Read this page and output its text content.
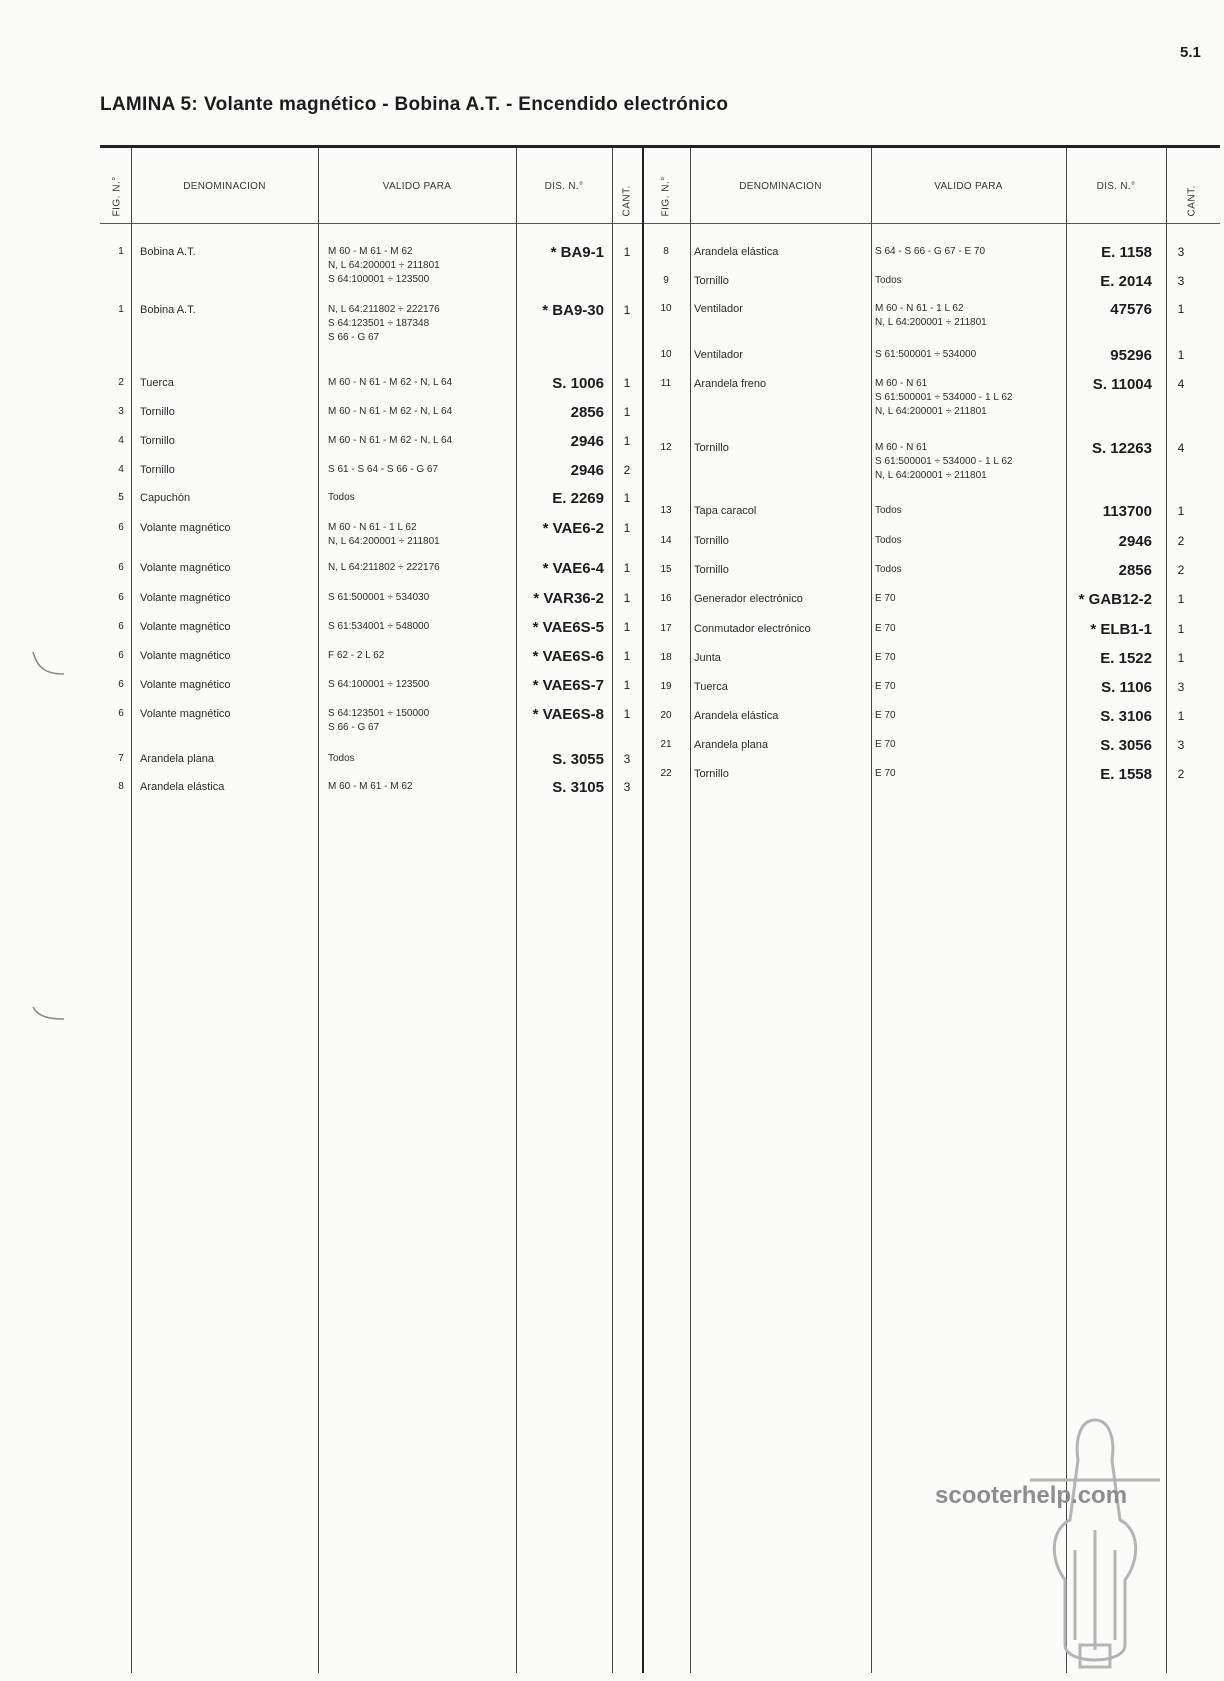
5.1
LAMINA 5: Volante magnético - Bobina A.T. - Encendido electrónico
FIG. N.°	DENOMINACION	VALIDO PARA	DIS. N.°	CANT.	FIG. N.°	DENOMINACION	VALIDO PARA	DIS. N.°	CANT.
1	Bobina A.T.	M 60 - M 61 - M 62
N, L 64:200001 ÷ 211801
S 64:100001 ÷ 123500
* BA9-1	1
1	Bobina A.T.	N, L 64:211802 ÷ 222176
S 64:123501 ÷ 187348
S 66 - G 67
* BA9-30	1
2	Tuerca	M 60 - N 61 - M 62 - N, L 64	S. 1006	1
3	Tornillo	M 60 - N 61 - M 62 - N, L 64	2856	1
4	Tornillo	M 60 - N 61 - M 62 - N, L 64	2946	1
4	Tornillo	S 61 - S 64 - S 66 - G 67	2946	2
5	Capuchón	Todos	E. 2269	1
6	Volante magnético	M 60 - N 61 - 1 L 62
N, L 64:200001 ÷ 211801
* VAE6-2	1
6	Volante magnético	N, L 64:211802 ÷ 222176	* VAE6-4	1
6	Volante magnético	S 61:500001 ÷ 534030	* VAR36-2	1
6	Volante magnético	S 61:534001 ÷ 548000	* VAE6S-5	1
6	Volante magnético	F 62 - 2 L 62	* VAE6S-6	1
6	Volante magnético	S 64:100001 ÷ 123500	* VAE6S-7	1
6	Volante magnético	S 64:123501 ÷ 150000
S 66 - G 67
* VAE6S-8	1
7	Arandela plana	Todos	S. 3055	3
8	Arandela elástica	M 60 - M 61 - M 62	S. 3105	3
8	Arandela elástica	S 64 - S 66 - G 67 - E 70	E. 1158	3
9	Tornillo	Todos	E. 2014	3
10	Ventilador	M 60 - N 61 - 1 L 62
N, L 64:200001 ÷ 211801
47576	1
10	Ventilador	S 61:500001 ÷ 534000	95296	1
11	Arandela freno	M 60 - N 61
S 61:500001 ÷ 534000 - 1 L 62
N, L 64:200001 ÷ 211801
S. 11004	4
12	Tornillo	M 60 - N 61
S 61:500001 ÷ 534000 - 1 L 62
N, L 64:200001 ÷ 211801
S. 12263	4
13	Tapa caracol	Todos	113700	1
14	Tornillo	Todos	2946	2
15	Tornillo	Todos	2856	2
16	Generador electrónico	E 70	* GAB12-2	1
17	Conmutador electrónico	E 70	* ELB1-1	1
18	Junta	E 70	E. 1522	1
19	Tuerca	E 70	S. 1106	3
20	Arandela elástica	E 70	S. 3106	1
21	Arandela plana	E 70	S. 3056	3
22	Tornillo	E 70	E. 1558	2
scooterhelp.com
